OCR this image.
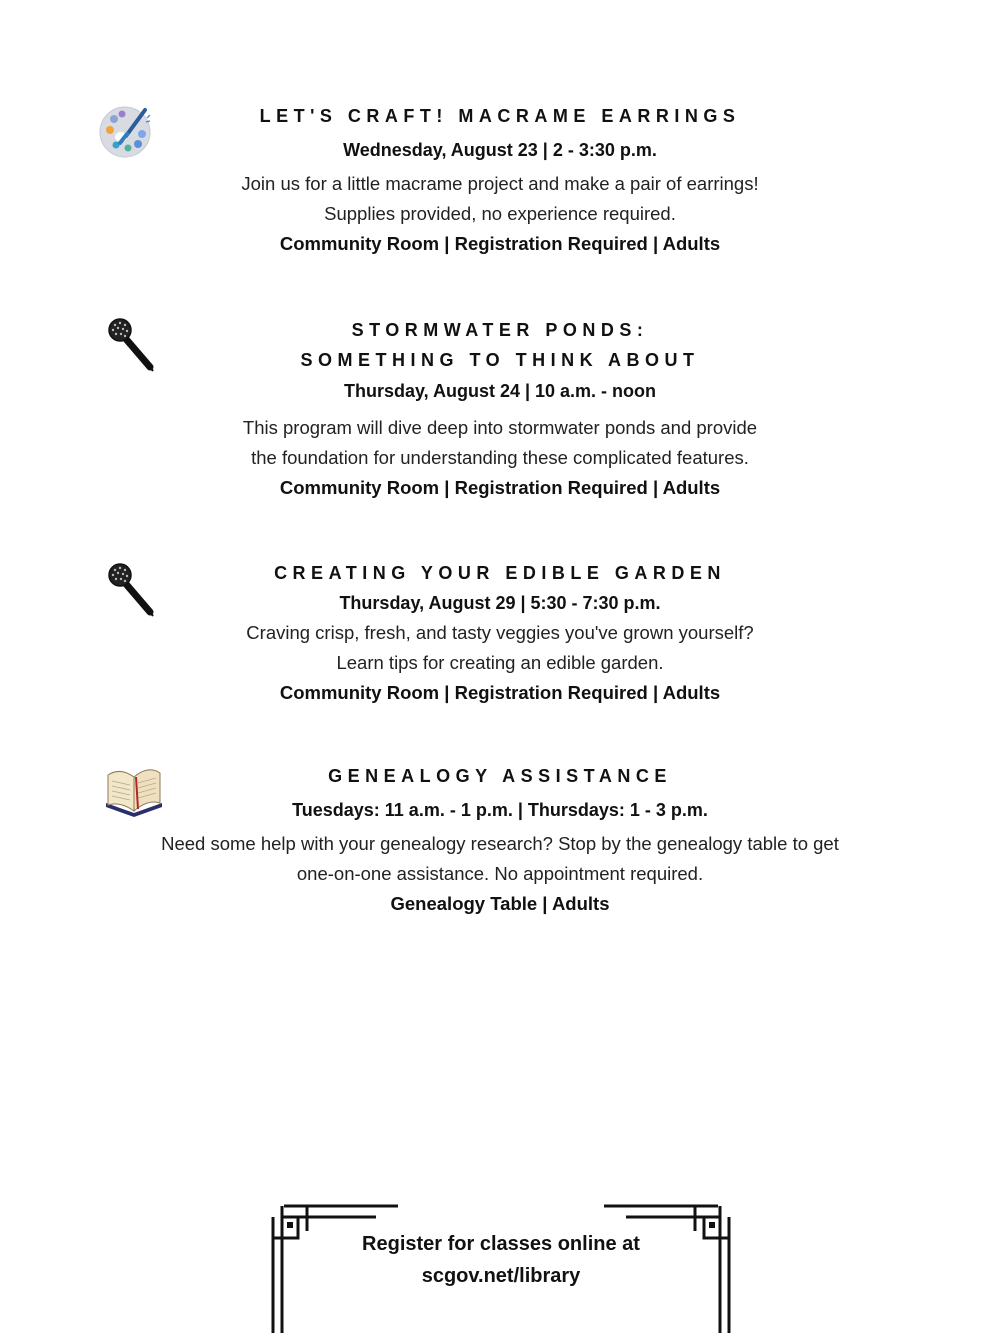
LET'S CRAFT! MACRAME EARRINGS
Wednesday, August 23 | 2 - 3:30 p.m.
Join us for a little macrame project and make a pair of earrings!
Supplies provided, no experience required.
Community Room | Registration Required | Adults
STORMWATER PONDS:
SOMETHING TO THINK ABOUT
Thursday, August 24 | 10 a.m. - noon
This program will dive deep into stormwater ponds and provide
the foundation for understanding these complicated features.
Community Room | Registration Required | Adults
CREATING YOUR EDIBLE GARDEN
Thursday, August 29 | 5:30 - 7:30 p.m.
Craving crisp, fresh, and tasty veggies you've grown yourself?
Learn tips for creating an edible garden.
Community Room | Registration Required | Adults
GENEALOGY ASSISTANCE
Tuesdays: 11 a.m. - 1 p.m. | Thursdays: 1 - 3 p.m.
Need some help with your genealogy research? Stop by the genealogy table to get
one-on-one assistance. No appointment required.
Genealogy Table | Adults
Register for classes online at
scgov.net/library
